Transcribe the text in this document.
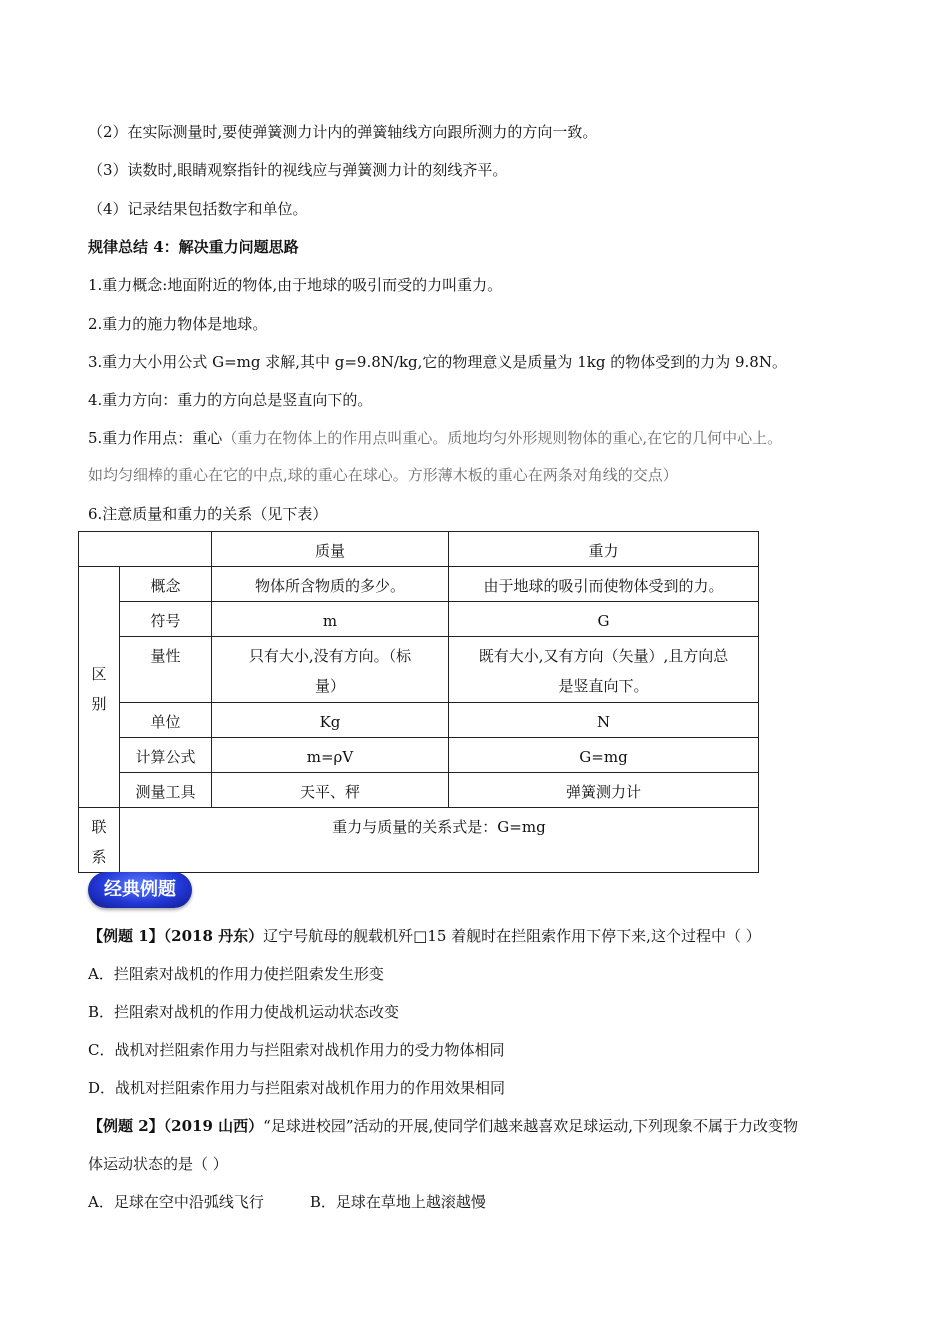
（2）在实际测量时,要使弹簧测力计内的弹簧轴线方向跟所测力的方向一致。
（3）读数时,眼睛观察指针的视线应与弹簧测力计的刻线齐平。
（4）记录结果包括数字和单位。
规律总结 4：解决重力问题思路
1.重力概念:地面附近的物体,由于地球的吸引而受的力叫重力。
2.重力的施力物体是地球。
3.重力大小用公式 G=mg 求解,其中 g=9.8N/kg,它的物理意义是质量为 1kg 的物体受到的力为 9.8N。
4.重力方向：重力的方向总是竖直向下的。
5.重力作用点：重心（重力在物体上的作用点叫重心。质地均匀外形规则物体的重心,在它的几何中心上。
如均匀细棒的重心在它的中点,球的重心在球心。方形薄木板的重心在两条对角线的交点）
6.注意质量和重力的关系（见下表）
		质量	重力
区
别	概念	物体所含物质的多少。	由于地球的吸引而使物体受到的力。
	符号	m	G
	量性	只有大小,没有方向。（标
量）	既有大小,又有方向（矢量）,且方向总
是竖直向下。
	单位	Kg	N
	计算公式	m=ρV	G=mg
	测量工具	天平、秤	弹簧测力计
联
系	重力与质量的关系式是：G=mg		
经典例题
【例题 1】（2018 丹东）辽宁号航母的舰载机歼□15 着舰时在拦阻索作用下停下来,这个过程中（ ）
A．拦阻索对战机的作用力使拦阻索发生形变
B．拦阻索对战机的作用力使战机运动状态改变
C．战机对拦阻索作用力与拦阻索对战机作用力的受力物体相同
D．战机对拦阻索作用力与拦阻索对战机作用力的作用效果相同
【例题 2】（2019 山西）“足球进校园”活动的开展,使同学们越来越喜欢足球运动,下列现象不属于力改变物
体运动状态的是（ ）
A．足球在空中沿弧线飞行	B．足球在草地上越滚越慢
